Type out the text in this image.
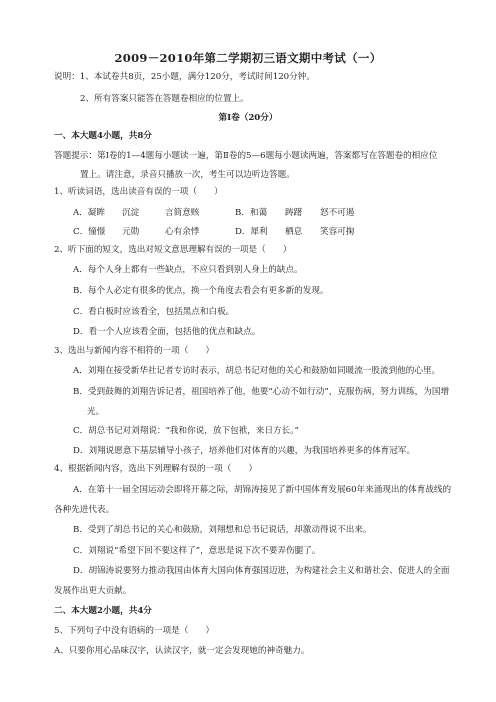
2009－2010年第二学期初三语文期中考试（一）
说明：1、本试卷共8页，25小题，满分120分，考试时间120分钟。
2、所有答案只能答在答题卷相应的位置上。
第Ⅰ卷（20分）
一、本大题4小题，共8分
答题提示：第Ⅰ卷的1—4题每小题读一遍，第Ⅱ卷的5—6题每小题读两遍，答案都写在答题卷的相应位
置上。请注意，录音只播放一次，考生可以边听边答题。
1、听读词语，选出读音有误的一项（　　）
A．凝眸 沉淀	言简意赅	B．和蔼 踌躇 怒不可遏
C．憧憬 元勋	心有余悸	D．犀利 栖息 笑容可掬
2、听下面的短文，选出对短文意思理解有误的一项是（　　）
A．每个人身上都有一些缺点，不应只看到别人身上的缺点。
B．每个人必定有很多的优点，换一个角度去看会有更多新的发现。
C．看白板时应该看全，包括黑点和白板。
D．看一个人应该看全面，包括他的优点和缺点。
3、选出与新闻内容不相符的一项（　　）
A．刘翔在接受新华社记者专访时表示，胡总书记对他的关心和鼓励如同暖流一股流到他的心里。
B．受到鼓舞的刘翔告诉记者，祖国培养了他，他要“心动不如行动”，克服伤病，努力训练，为国增
光。
C．胡总书记对刘翔说：“我和你说，放下包袱，来日方长。”
D．刘翔说愿意下基层辅导小孩子，培养他们对体育的兴趣，为我国培养更多的体育冠军。
4、根据新闻内容，选出下列理解有误的一项（　　）
A．在第十一届全国运动会即将开幕之际，胡锦涛接见了新中国体育发展60年来涌现出的体育战线的
各种先进代表。
B．受到了胡总书记的关心和鼓励，刘翔想和总书记说话，却激动得说不出来。
C．刘翔说“希望下回不要这样了”，意思是说下次不要弄伤腿了。
D．胡锦涛说要努力推动我国由体育大国向体育强国迈进，为构建社会主义和谐社会、促进人的全面
发展作出更大贡献。
二、本大题2小题，共4分
5、下列句子中没有语病的一项是（　　）
A、只要你用心品味汉字，认读汉字，就一定会发现她的神奇魅力。
